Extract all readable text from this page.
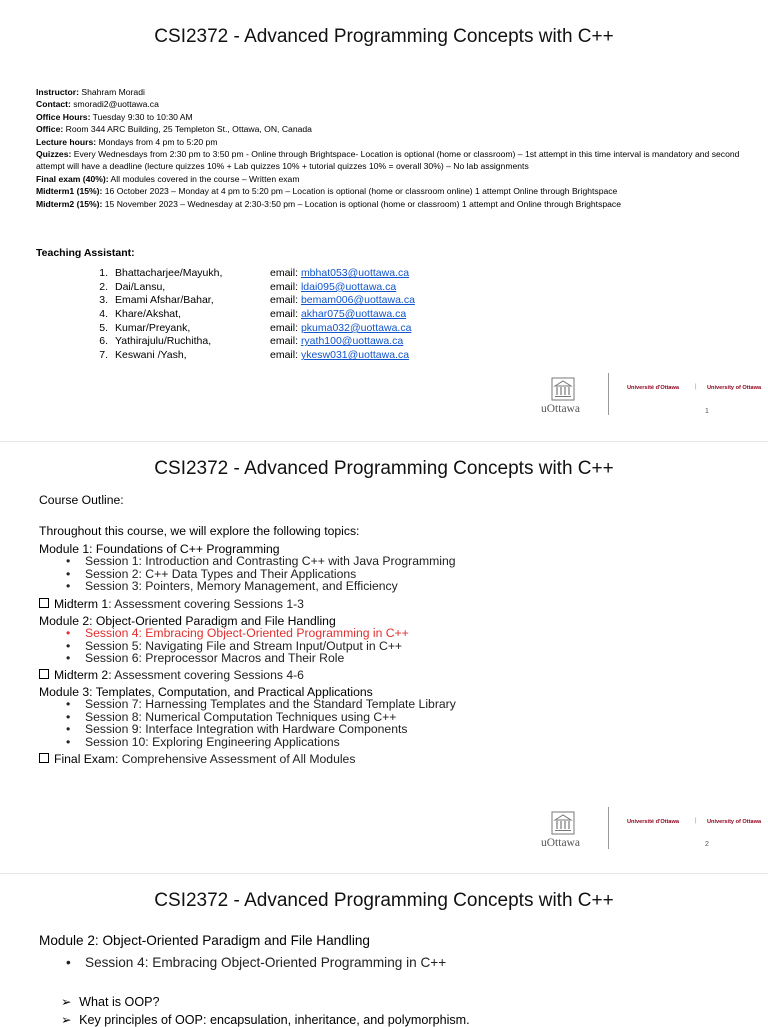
CSI2372 - Advanced Programming Concepts with C++
Instructor: Shahram Moradi
Contact: smoradi2@uottawa.ca
Office Hours: Tuesday 9:30 to 10:30 AM
Office: Room 344 ARC Building, 25 Templeton St., Ottawa, ON, Canada
Lecture hours: Mondays from 4 pm to 5:20 pm
Quizzes: Every Wednesdays from 2:30 pm to 3:50 pm - Online through Brightspace- Location is optional (home or classroom) – 1st attempt in this time interval is mandatory and second attempt will have a deadline (lecture quizzes 10% + Lab quizzes 10% + tutorial quizzes 10% = overall 30%) – No lab assignments
Final exam (40%): All modules covered in the course – Written exam
Midterm1 (15%): 16 October 2023 – Monday at 4 pm to 5:20 pm – Location is optional (home or classroom online) 1 attempt Online through Brightspace
Midterm2 (15%): 15 November 2023 – Wednesday at 2:30-3:50 pm – Location is optional (home or classroom) 1 attempt and Online through Brightspace
Teaching Assistant:
1. Bhattacharjee/Mayukh,	email: mbhat053@uottawa.ca
2. Dai/Lansu,	email: ldai095@uottawa.ca
3. Emami Afshar/Bahar,	email: bemam006@uottawa.ca
4. Khare/Akshat,	email: akhar075@uottawa.ca
5. Kumar/Preyank,	email: pkuma032@uottawa.ca
6. Yathirajulu/Ruchitha,	email: ryath100@uottawa.ca
7. Keswani /Yash,	email: ykesw031@uottawa.ca
uOttawa
Université d'Ottawa	| University of Ottawa
1
CSI2372 - Advanced Programming Concepts with C++
Course Outline:
Throughout this course, we will explore the following topics:
Module 1: Foundations of C++ Programming
• Session 1: Introduction and Contrasting C++ with Java Programming
• Session 2: C++ Data Types and Their Applications
• Session 3: Pointers, Memory Management, and Efficiency
Midterm 1: Assessment covering Sessions 1-3
Module 2: Object-Oriented Paradigm and File Handling
• Session 4: Embracing Object-Oriented Programming in C++
• Session 5: Navigating File and Stream Input/Output in C++
• Session 6: Preprocessor Macros and Their Role
Midterm 2: Assessment covering Sessions 4-6
Module 3: Templates, Computation, and Practical Applications
• Session 7: Harnessing Templates and the Standard Template Library
• Session 8: Numerical Computation Techniques using C++
• Session 9: Interface Integration with Hardware Components
• Session 10: Exploring Engineering Applications
Final Exam: Comprehensive Assessment of All Modules
uOttawa
Université d'Ottawa	| University of Ottawa
2
CSI2372 - Advanced Programming Concepts with C++
Module 2: Object-Oriented Paradigm and File Handling
• Session 4: Embracing Object-Oriented Programming in C++
➢ What is OOP?
➢ Key principles of OOP: encapsulation, inheritance, and polymorphism.
